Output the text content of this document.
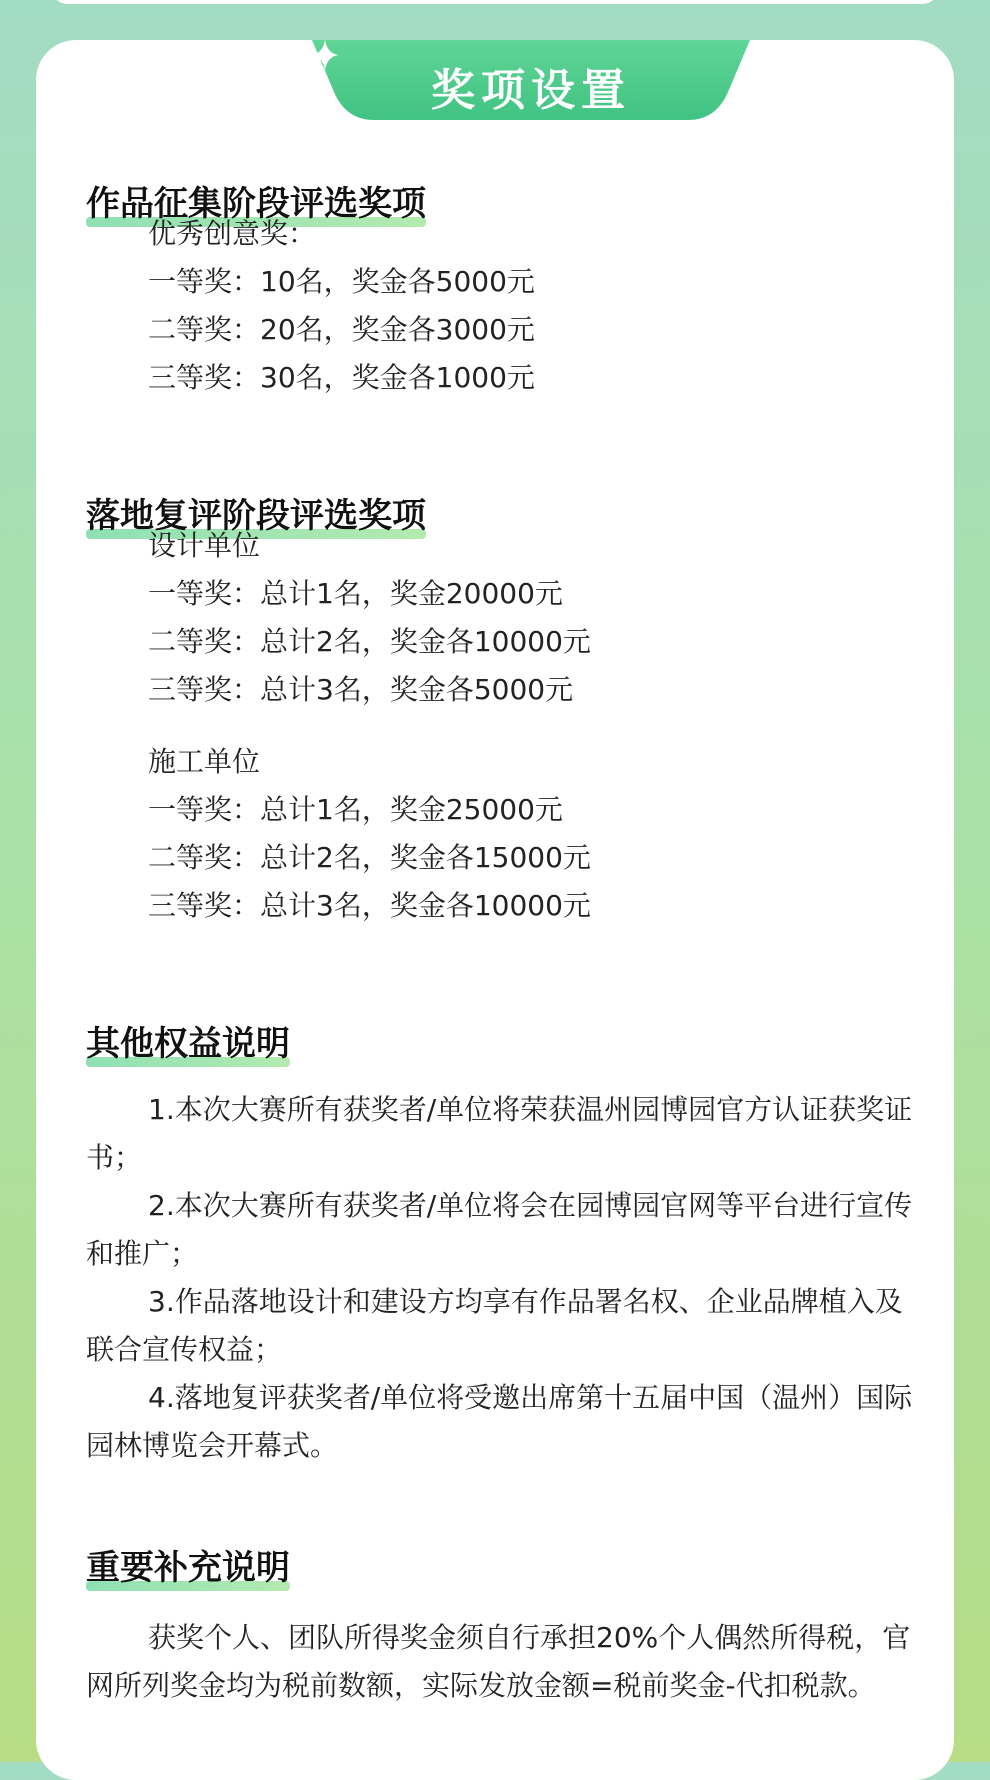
奖项设置
作品征集阶段评选奖项

优秀创意奖：

一等奖：10名，奖金各5000元

二等奖：20名，奖金各3000元

三等奖：30名，奖金各1000元

落地复评阶段评选奖项

设计单位

一等奖：总计1名，奖金20000元

二等奖：总计2名，奖金各10000元

三等奖：总计3名，奖金各5000元

施工单位

一等奖：总计1名，奖金25000元

二等奖：总计2名，奖金各15000元

三等奖：总计3名，奖金各10000元

其他权益说明

1.本次大赛所有获奖者/单位将荣获温州园博园官方认证获奖证书；

2.本次大赛所有获奖者/单位将会在园博园官网等平台进行宣传和推广；

3.作品落地设计和建设方均享有作品署名权、企业品牌植入及联合宣传权益；

4.落地复评获奖者/单位将受邀出席第十五届中国（温州）国际园林博览会开幕式。

重要补充说明

获奖个人、团队所得奖金须自行承担20%个人偶然所得税，官网所列奖金均为税前数额，实际发放金额=税前奖金-代扣税款。
